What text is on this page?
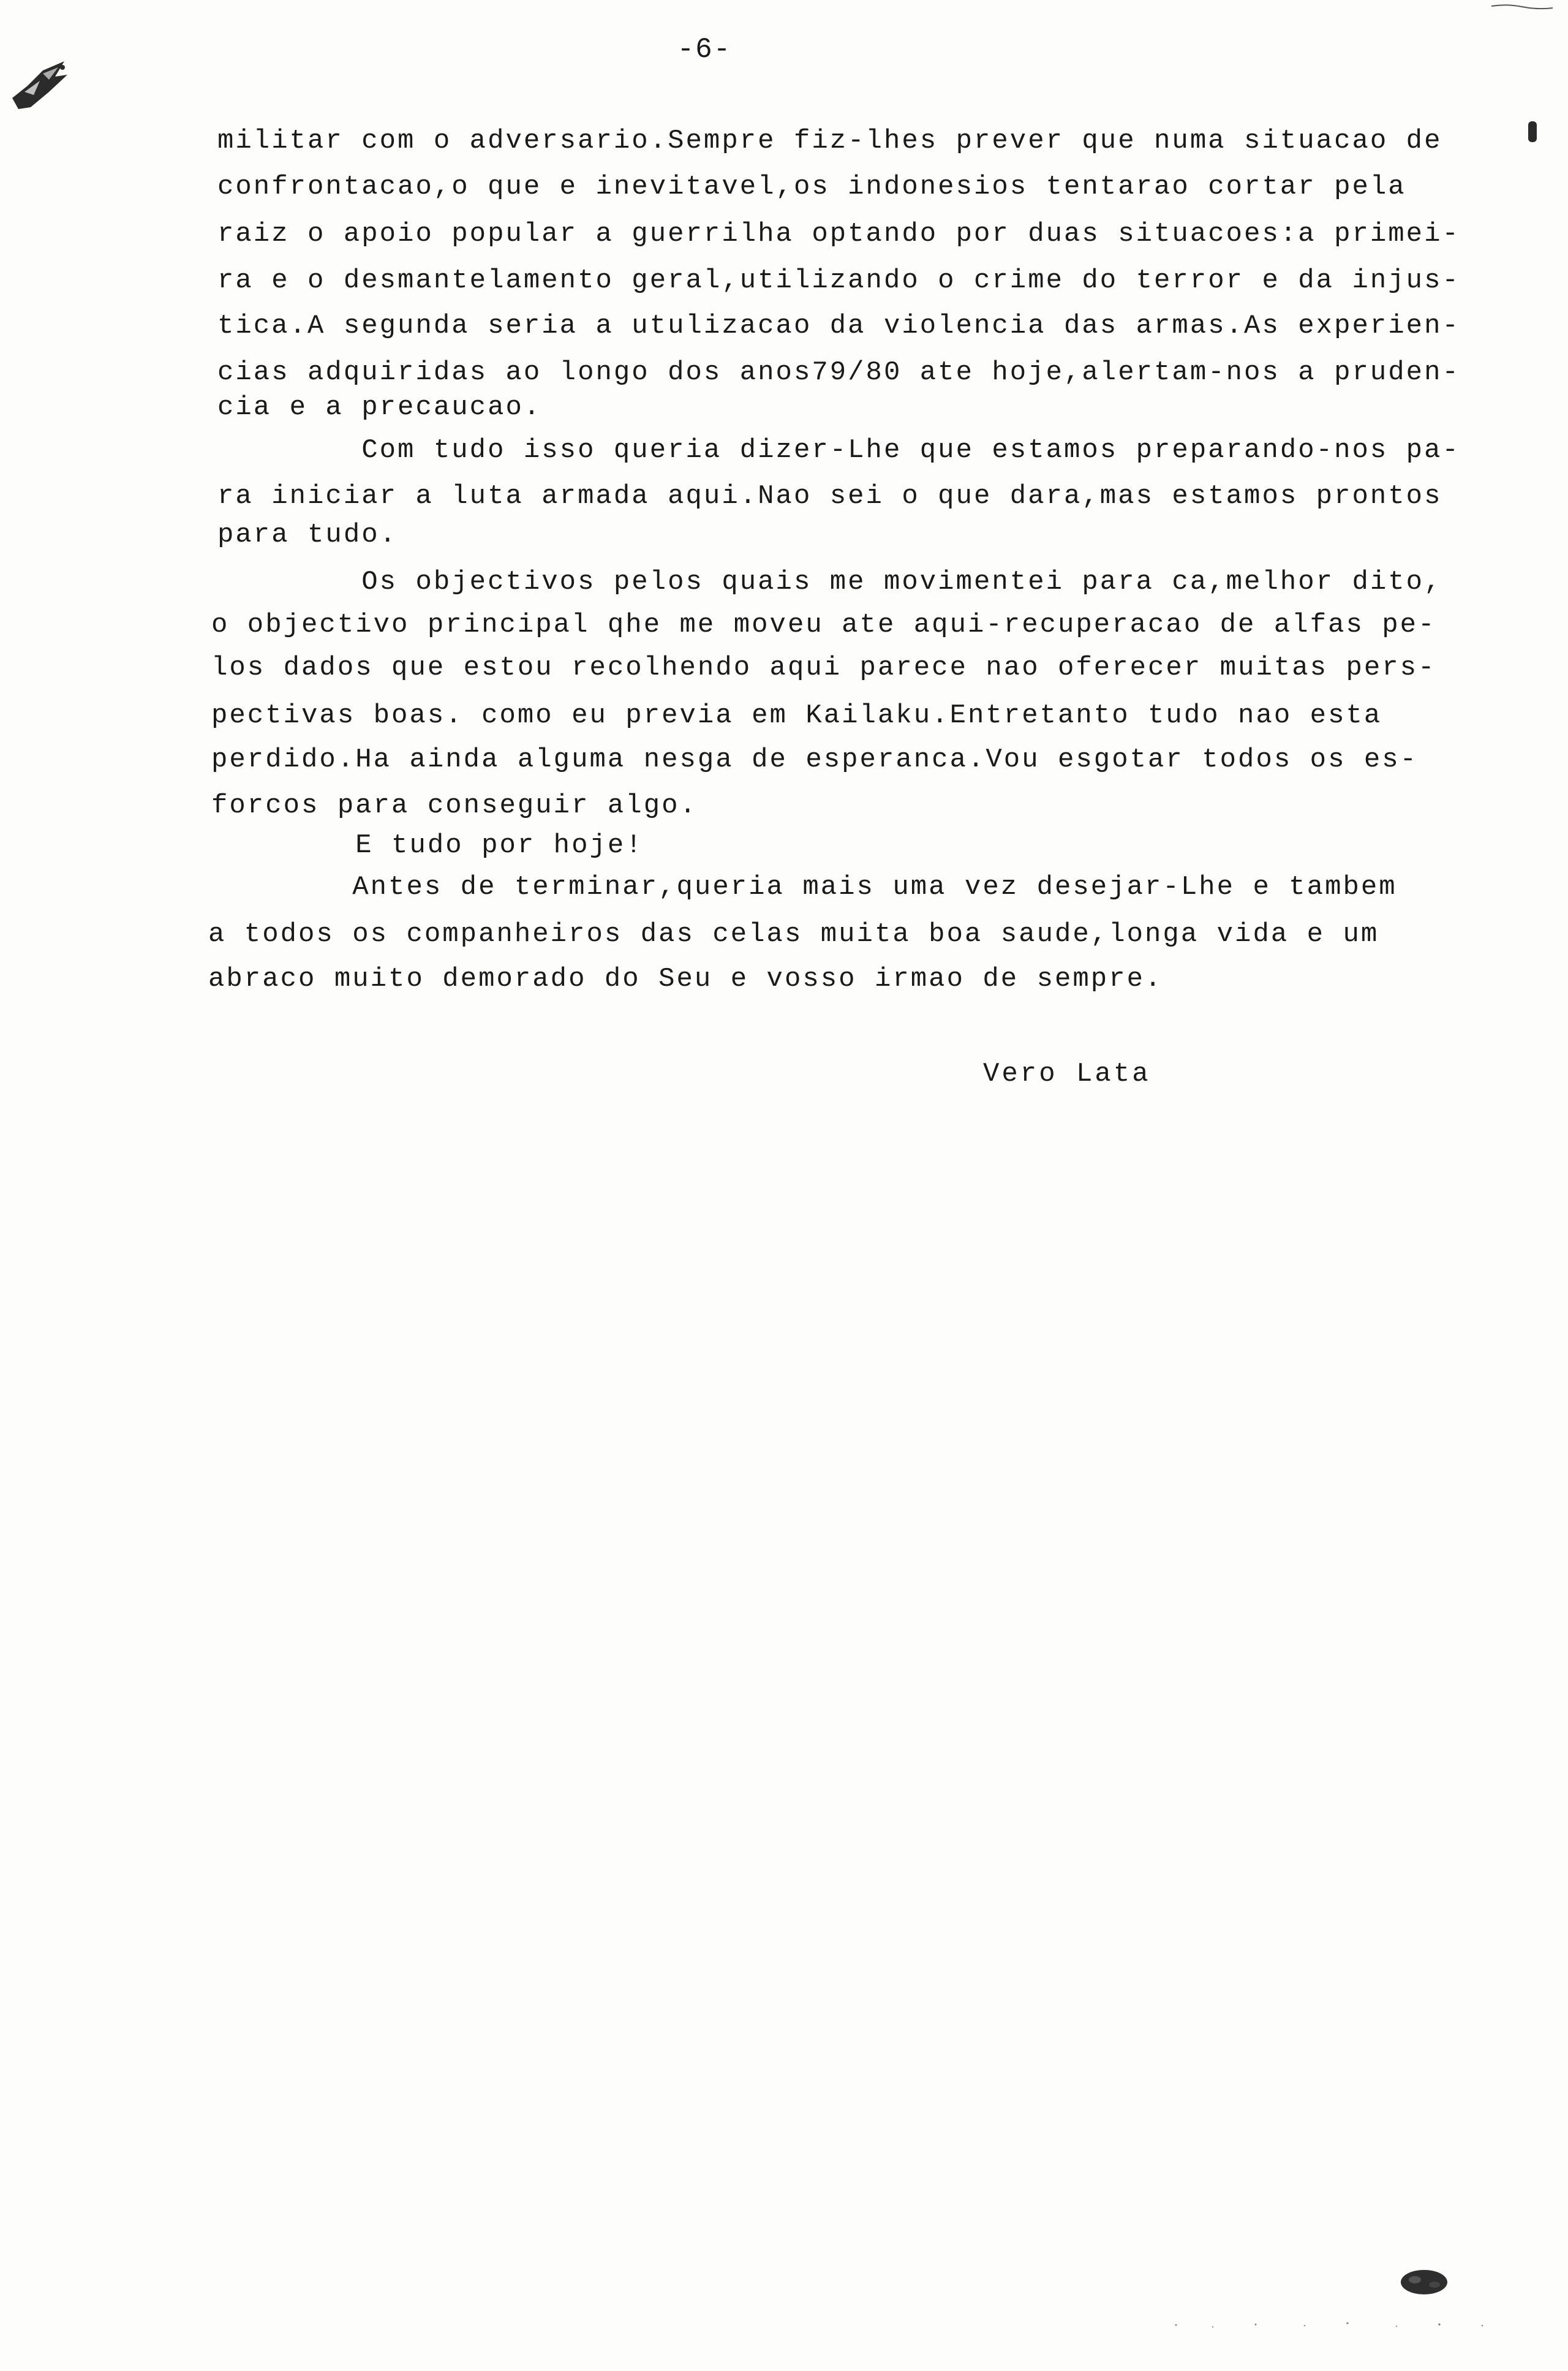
-6-
militar com o adversario.Sempre fiz-lhes prever que numa situacao de
confrontacao,o que e inevitavel,os indonesios tentarao cortar pela
raiz o apoio popular a guerrilha optando por duas situacoes:a primei-
ra e o desmantelamento geral,utilizando o crime do terror e da injus-
tica.A segunda seria a utulizacao da violencia das armas.As experien-
cias adquiridas ao longo dos anos79/80 ate hoje,alertam-nos a pruden-
cia e a precaucao.
Com tudo isso queria dizer-Lhe que estamos preparando-nos pa-
ra iniciar a luta armada aqui.Nao sei o que dara,mas estamos prontos
para tudo.
Os objectivos pelos quais me movimentei para ca,melhor dito,
o objectivo principal qhe me moveu ate aqui-recuperacao de alfas pe-
los dados que estou recolhendo aqui parece nao oferecer muitas pers-
pectivas boas. como eu previa em Kailaku.Entretanto tudo nao esta
perdido.Ha ainda alguma nesga de esperanca.Vou esgotar todos os es-
forcos para conseguir algo.
E tudo por hoje!
Antes de terminar,queria mais uma vez desejar-Lhe e tambem
a todos os companheiros das celas muita boa saude,longa vida e um
abraco muito demorado do Seu e vosso irmao de sempre.
Vero Lata
